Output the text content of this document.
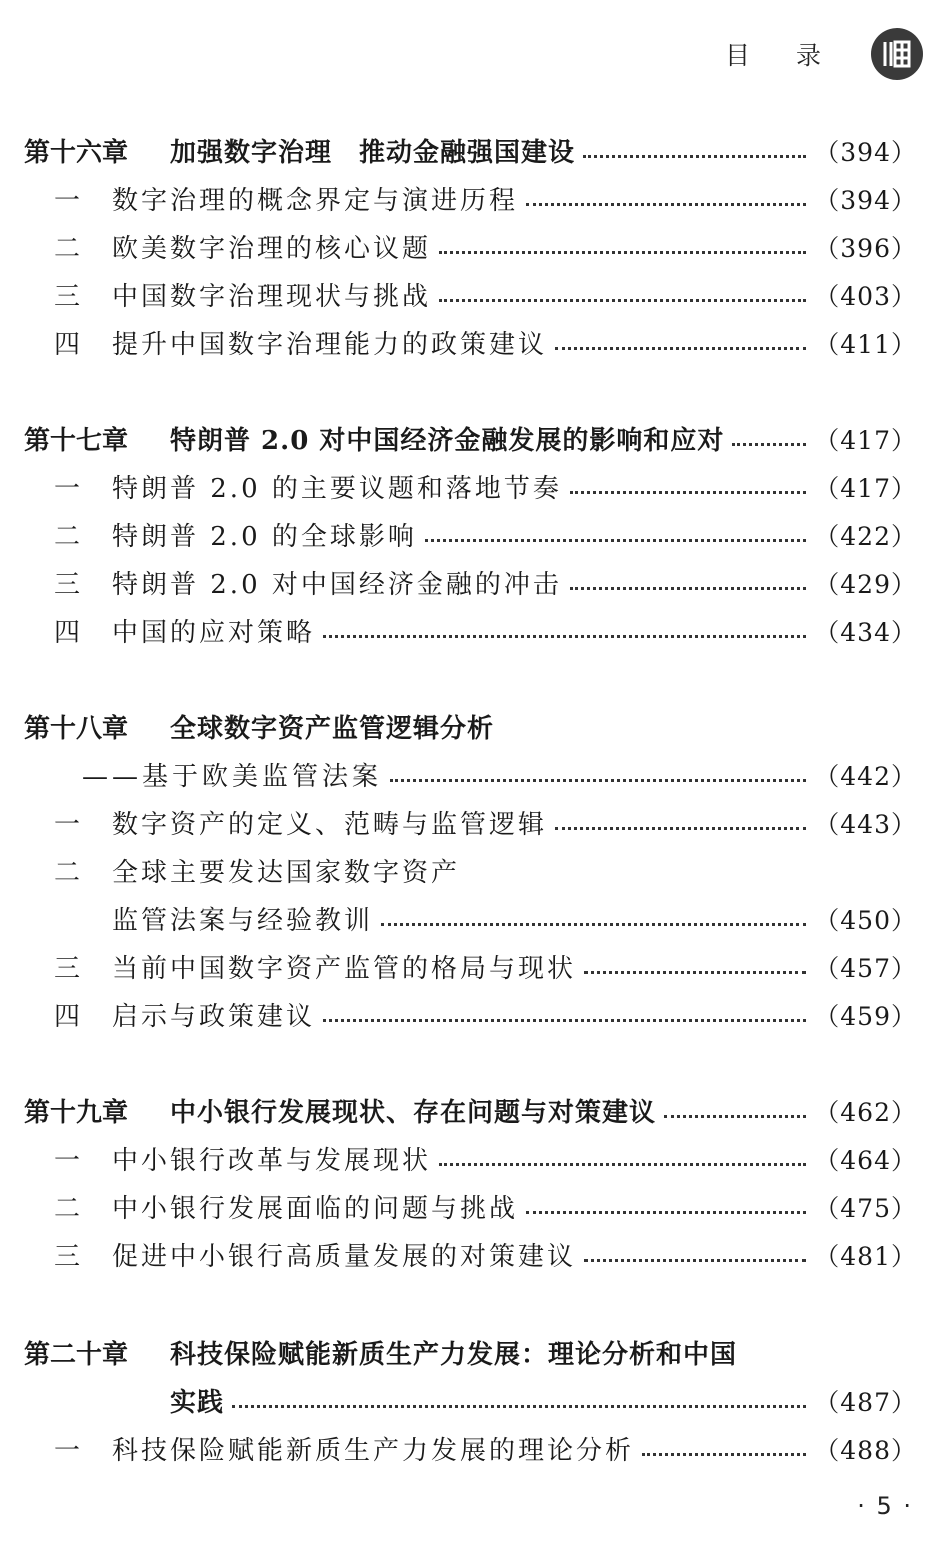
目录
第十六章	加强数字治理　推动金融强国建设	（394）
一	数字治理的概念界定与演进历程	（394）
二	欧美数字治理的核心议题	（396）
三	中国数字治理现状与挑战	（403）
四	提升中国数字治理能力的政策建议	（411）
第十七章	特朗普 2.0 对中国经济金融发展的影响和应对	（417）
一	特朗普 2.0 的主要议题和落地节奏	（417）
二	特朗普 2.0 的全球影响	（422）
三	特朗普 2.0 对中国经济金融的冲击	（429）
四	中国的应对策略	（434）
第十八章	全球数字资产监管逻辑分析
——基于欧美监管法案	（442）
一	数字资产的定义、范畴与监管逻辑	（443）
二	全球主要发达国家数字资产
监管法案与经验教训	（450）
三	当前中国数字资产监管的格局与现状	（457）
四	启示与政策建议	（459）
第十九章	中小银行发展现状、存在问题与对策建议	（462）
一	中小银行改革与发展现状	（464）
二	中小银行发展面临的问题与挑战	（475）
三	促进中小银行高质量发展的对策建议	（481）
第二十章	科技保险赋能新质生产力发展：理论分析和中国
实践	（487）
一	科技保险赋能新质生产力发展的理论分析	（488）
· 5 ·
